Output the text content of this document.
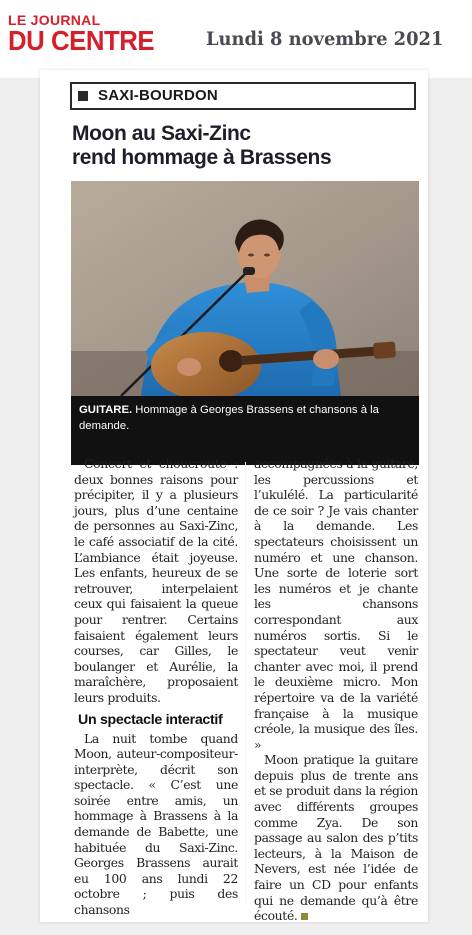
LE JOURNAL
DU CENTRE	Lundi 8 novembre 2021
SAXI-BOURDON
Moon au Saxi-Zinc
rend hommage à Brassens
GUITARE. Hommage à Georges Brassens et chansons à la demande.

Concert et choucroute : deux bonnes raisons pour précipiter, il y a plusieurs jours, plus d’une centaine de personnes au Saxi-Zinc, le café associatif de la cité. L’ambiance était joyeuse. Les enfants, heureux de se retrouver, interpelaient ceux qui faisaient la queue pour rentrer. Certains faisaient également leurs courses, car Gilles, le boulanger et Aurélie, la maraîchère, proposaient leurs produits.

Un spectacle interactif

La nuit tombe quand Moon, auteur-compositeur-interprète, décrit son spectacle. « C’est une soirée entre amis, un hommage à Brassens à la demande de Babette, une habituée du Saxi-Zinc. Georges Brassens aurait eu 100 ans lundi 22 octobre ; puis des chansons

accompagnées à la guitare, les percussions et l’ukulélé. La particularité de ce soir ? Je vais chanter à la demande. Les spectateurs choisissent un numéro et une chanson. Une sorte de loterie sort les numéros et je chante les chansons correspondant aux numéros sortis. Si le spectateur veut venir chanter avec moi, il prend le deuxième micro. Mon répertoire va de la variété française à la musique créole, la musique des îles. »

Moon pratique la guitare depuis plus de trente ans et se produit dans la région avec différents groupes comme Zya. De son passage au salon des p’tits lecteurs, à la Maison de Nevers, est née l’idée de faire un CD pour enfants qui ne demande qu’à être écouté.
